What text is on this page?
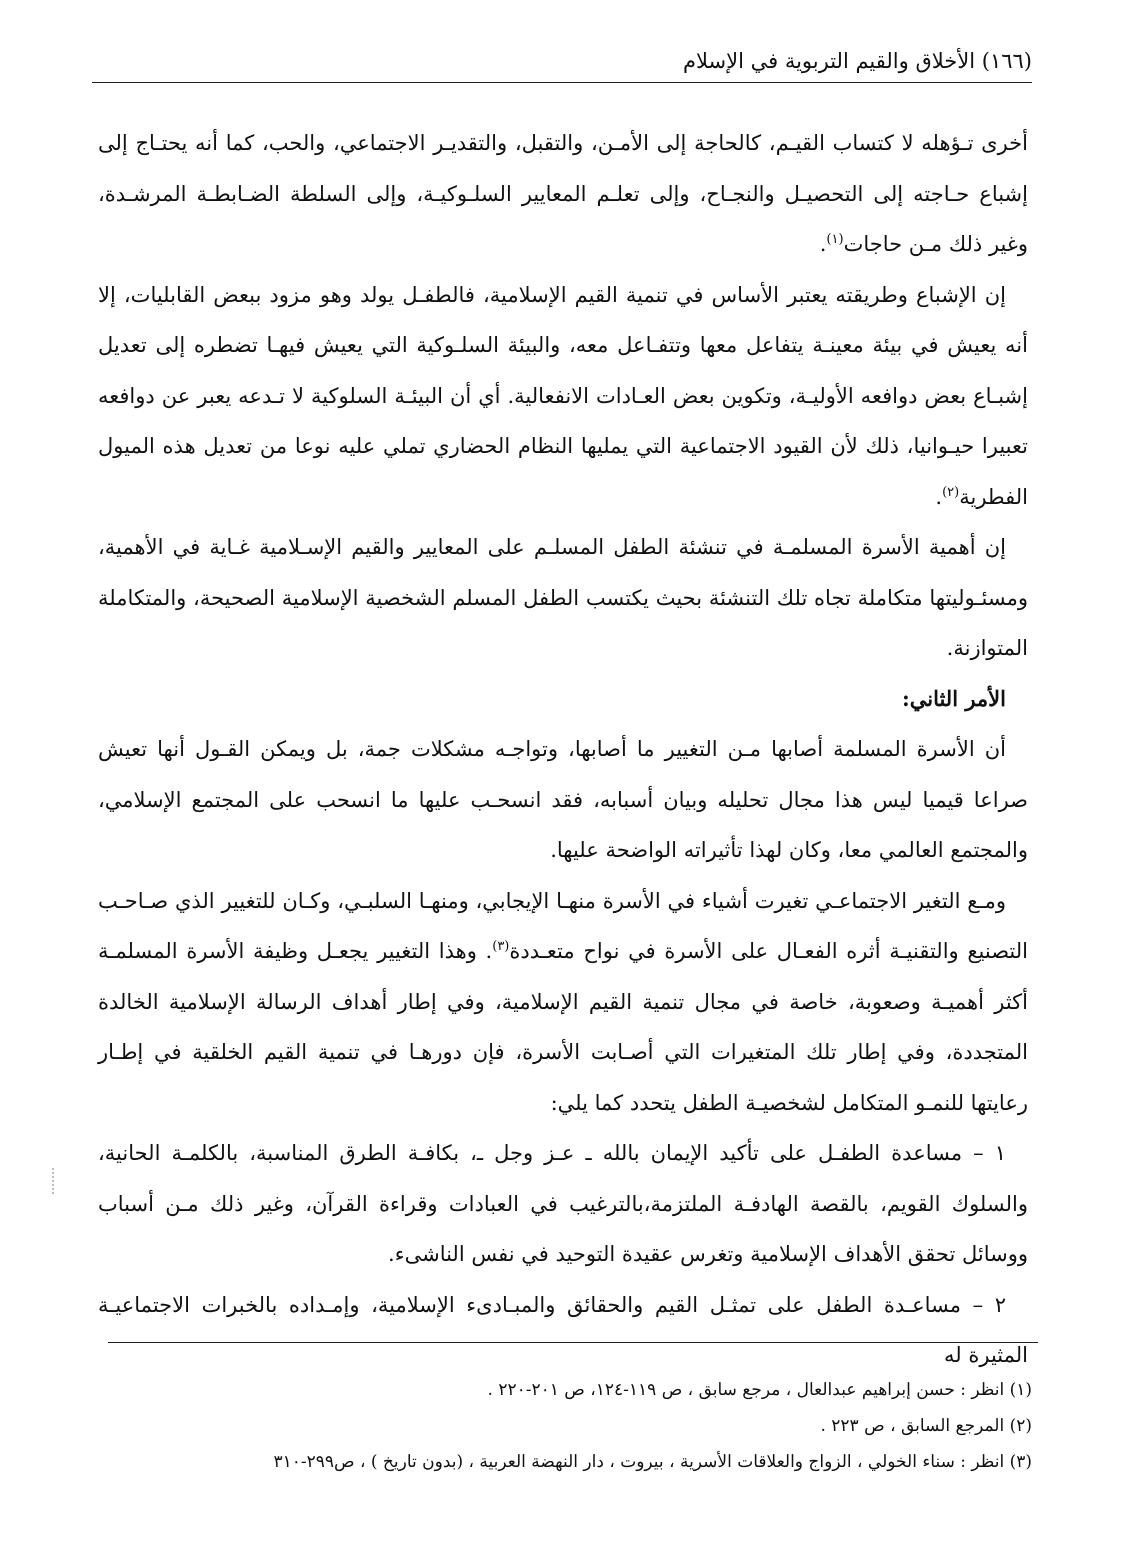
(١٦٦) الأخلاق والقيم التربوية في الإسلام

أخرى تـؤهله لا كتساب القيـم، كالحاجة إلى الأمـن، والتقبل، والتقديـر الاجتماعي، والحب، كما أنه يحتـاج إلى إشباع حـاجته إلى التحصيـل والنجـاح، وإلى تعلـم المعايير السلـوكيـة، وإلى السلطة الضـابطـة المرشـدة، وغير ذلك مـن حاجات$^{(١)}$.

إن الإشباع وطريقته يعتبر الأساس في تنمية القيم الإسلامية، فالطفـل يولد وهو مزود ببعض القابليات، إلا أنه يعيش في بيئة معينـة يتفاعل معها وتتفـاعل معه، والبيئة السلـوكية التي يعيش فيهـا تضطره إلى تعديل إشبـاع بعض دوافعه الأوليـة، وتكوين بعض العـادات الانفعالية. أي أن البيئـة السلوكية لا تـدعه يعبر عن دوافعه تعبيرا حيـوانيا، ذلك لأن القيود الاجتماعية التي يمليها النظام الحضاري تملي عليه نوعا من تعديل هذه الميول الفطرية$^{(٢)}$.

إن أهمية الأسرة المسلمـة في تنشئة الطفل المسلـم على المعايير والقيم الإسـلامية غـاية في الأهمية، ومسئـوليتها متكاملة تجاه تلك التنشئة بحيث يكتسب الطفل المسلم الشخصية الإسلامية الصحيحة، والمتكاملة المتوازنة.

الأمر الثاني:

أن الأسرة المسلمة أصابها مـن التغيير ما أصابها، وتواجـه مشكلات جمة، بل ويمكن القـول أنها تعيش صراعا قيميا ليس هذا مجال تحليله وبيان أسبابه، فقد انسحـب عليها ما انسحب على المجتمع الإسلامي، والمجتمع العالمي معا، وكان لهذا تأثيراته الواضحة عليها.

ومـع التغير الاجتماعـي تغيرت أشياء في الأسرة منهـا الإيجابي، ومنهـا السلبـي، وكـان للتغيير الذي صـاحـب التصنيع والتقنيـة أثره الفعـال على الأسرة في نواح متعـددة$^{(٣)}$. وهذا التغيير يجعـل وظيفة الأسرة المسلمـة أكثر أهميـة وصعوبة، خاصة في مجال تنمية القيم الإسلامية، وفي إطار أهداف الرسالة الإسلامية الخالدة المتجددة، وفي إطار تلك المتغيرات التي أصـابت الأسرة، فإن دورهـا في تنمية القيم الخلقية في إطـار رعايتها للنمـو المتكامل لشخصيـة الطفل يتحدد كما يلي:

١ – مساعدة الطفـل على تأكيد الإيمان بالله ـ عـز وجل ـ، بكافـة الطرق المناسبة، بالكلمـة الحانية، والسلوك القويم، بالقصة الهادفـة الملتزمة،بالترغيب في العبادات وقراءة القرآن، وغير ذلك مـن أسباب ووسائل تحقق الأهداف الإسلامية وتغرس عقيدة التوحيد في نفس الناشىء.

٢ – مساعـدة الطفل على تمثـل القيم والحقائق والمبـادىء الإسلامية، وإمـداده بالخبرات الاجتماعيـة المثيرة له

(١) انظر : حسن إبراهيم عبدالعال ، مرجع سابق ، ص ١١٩-١٢٤، ص ٢٠١-٢٢٠ .

(٢) المرجع السابق ، ص ٢٢٣ .

(٣) انظر : سناء الخولي ، الزواج والعلاقات الأسرية ، بيروت ، دار النهضة العربية ، (بدون تاريخ ) ، ص٢٩٩-٣١٠
